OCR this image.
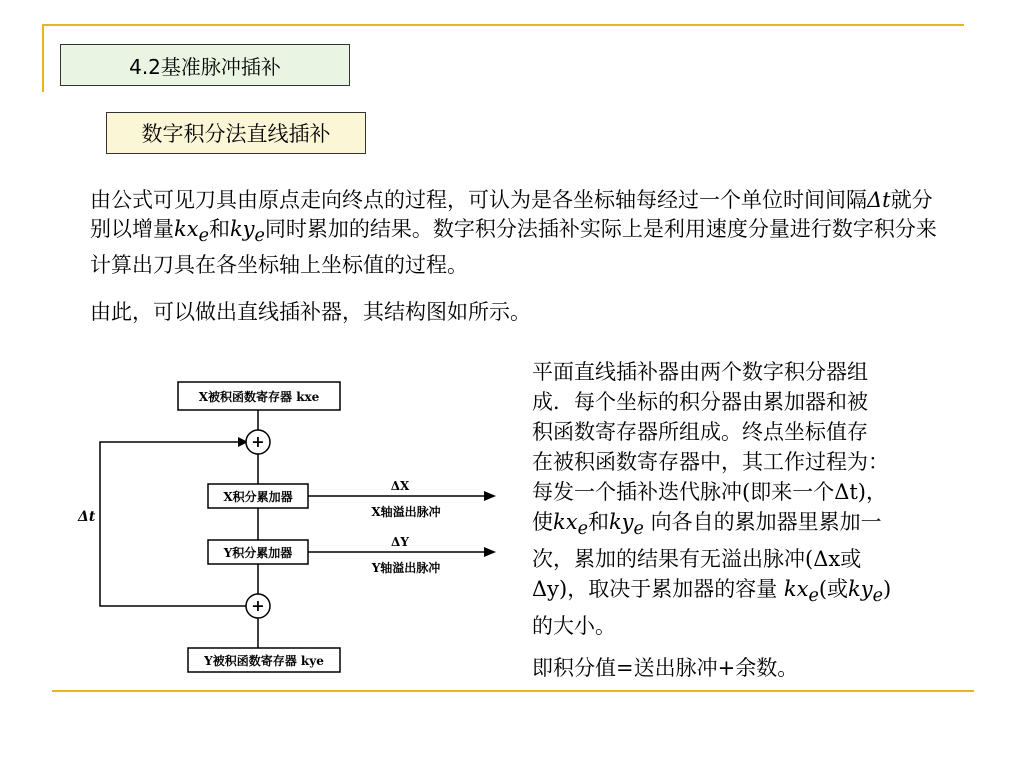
4.2基准脉冲插补
数字积分法直线插补
由公式可见刀具由原点走向终点的过程，可认为是各坐标轴每经过一个单位时间间隔Δt就分别以增量$kx_e$和$ky_e$同时累加的结果。数字积分法插补实际上是利用速度分量进行数字积分来计算出刀具在各坐标轴上坐标值的过程。
由此，可以做出直线插补器，其结构图如所示。
X被积函数寄存器 kxe
+
X积分累加器
Y积分累加器
+
Y被积函数寄存器 kye
Δt
ΔX
X轴溢出脉冲
ΔY
Y轴溢出脉冲
平面直线插补器由两个数字积分器组
成．每个坐标的积分器由累加器和被
积函数寄存器所组成。终点坐标值存
在被积函数寄存器中，其工作过程为：
每发一个插补迭代脉冲(即来一个Δt)，
使$kx_e$和$ky_e$ 向各自的累加器里累加一
次，累加的结果有无溢出脉冲(Δx或
Δy)，取决于累加器的容量 $kx_e$(或$ky_e$)
的大小。
即积分值=送出脉冲+余数。
